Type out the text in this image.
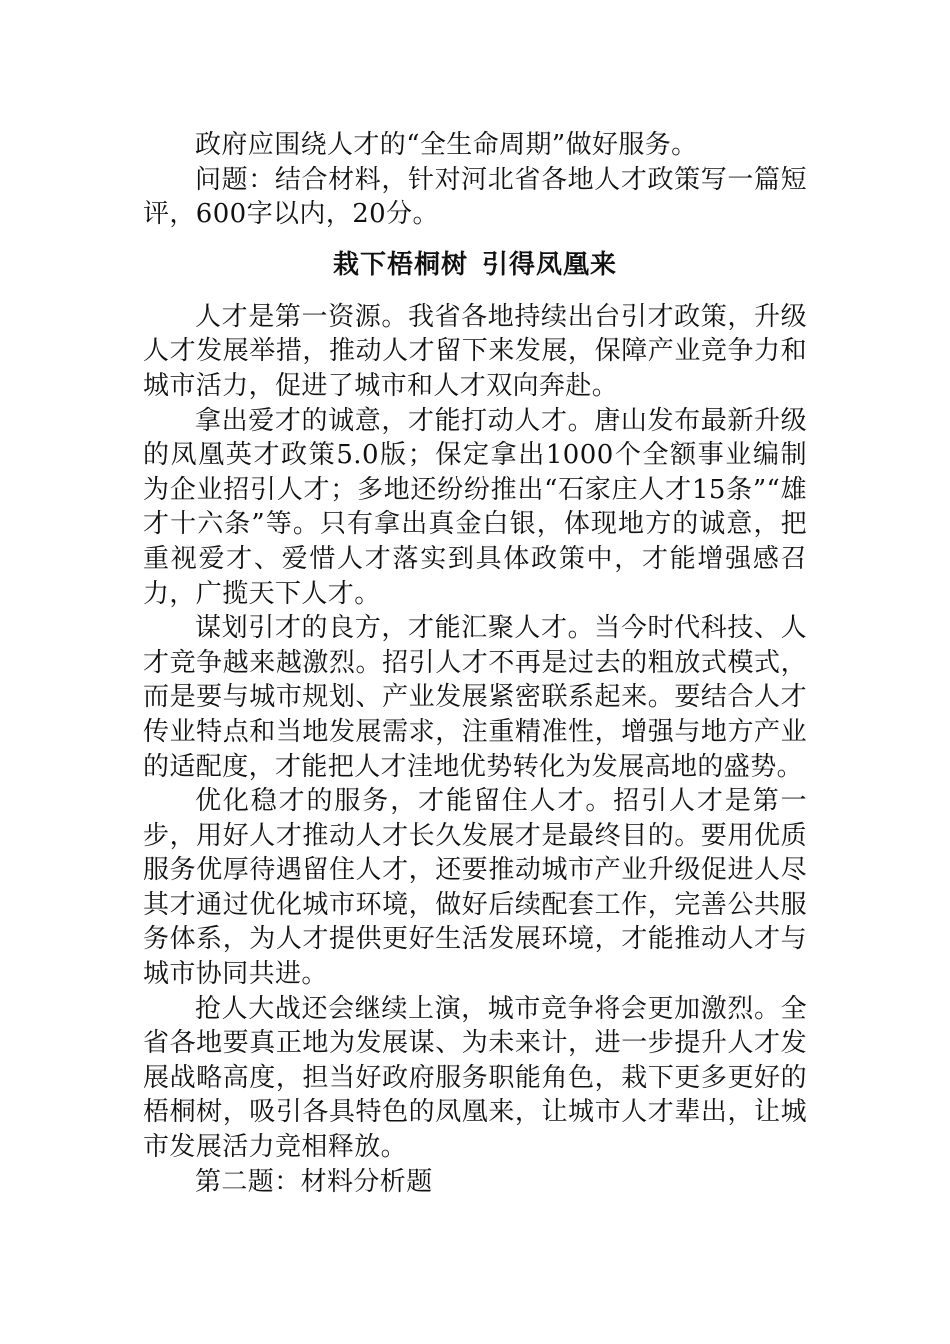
政府应围绕人才的“全生命周期”做好服务。

问题：结合材料，针对河北省各地人才政策写一篇短评，600字以内，20分。

栽下梧桐树 引得凤凰来

人才是第一资源。我省各地持续出台引才政策，升级人才发展举措，推动人才留下来发展，保障产业竞争力和城市活力，促进了城市和人才双向奔赴。

拿出爱才的诚意，才能打动人才。唐山发布最新升级的凤凰英才政策5.0版；保定拿出1000个全额事业编制为企业招引人才；多地还纷纷推出“石家庄人才15条”“雄才十六条”等。只有拿出真金白银，体现地方的诚意，把重视爱才、爱惜人才落实到具体政策中，才能增强感召力，广揽天下人才。

谋划引才的良方，才能汇聚人才。当今时代科技、人才竞争越来越激烈。招引人才不再是过去的粗放式模式，而是要与城市规划、产业发展紧密联系起来。要结合人才传业特点和当地发展需求，注重精准性，增强与地方产业的适配度，才能把人才洼地优势转化为发展高地的盛势。

优化稳才的服务，才能留住人才。招引人才是第一步，用好人才推动人才长久发展才是最终目的。要用优质服务优厚待遇留住人才，还要推动城市产业升级促进人尽其才通过优化城市环境，做好后续配套工作，完善公共服务体系，为人才提供更好生活发展环境，才能推动人才与城市协同共进。

抢人大战还会继续上演，城市竞争将会更加激烈。全省各地要真正地为发展谋、为未来计，进一步提升人才发展战略高度，担当好政府服务职能角色，栽下更多更好的梧桐树，吸引各具特色的凤凰来，让城市人才辈出，让城市发展活力竞相释放。

第二题：材料分析题
